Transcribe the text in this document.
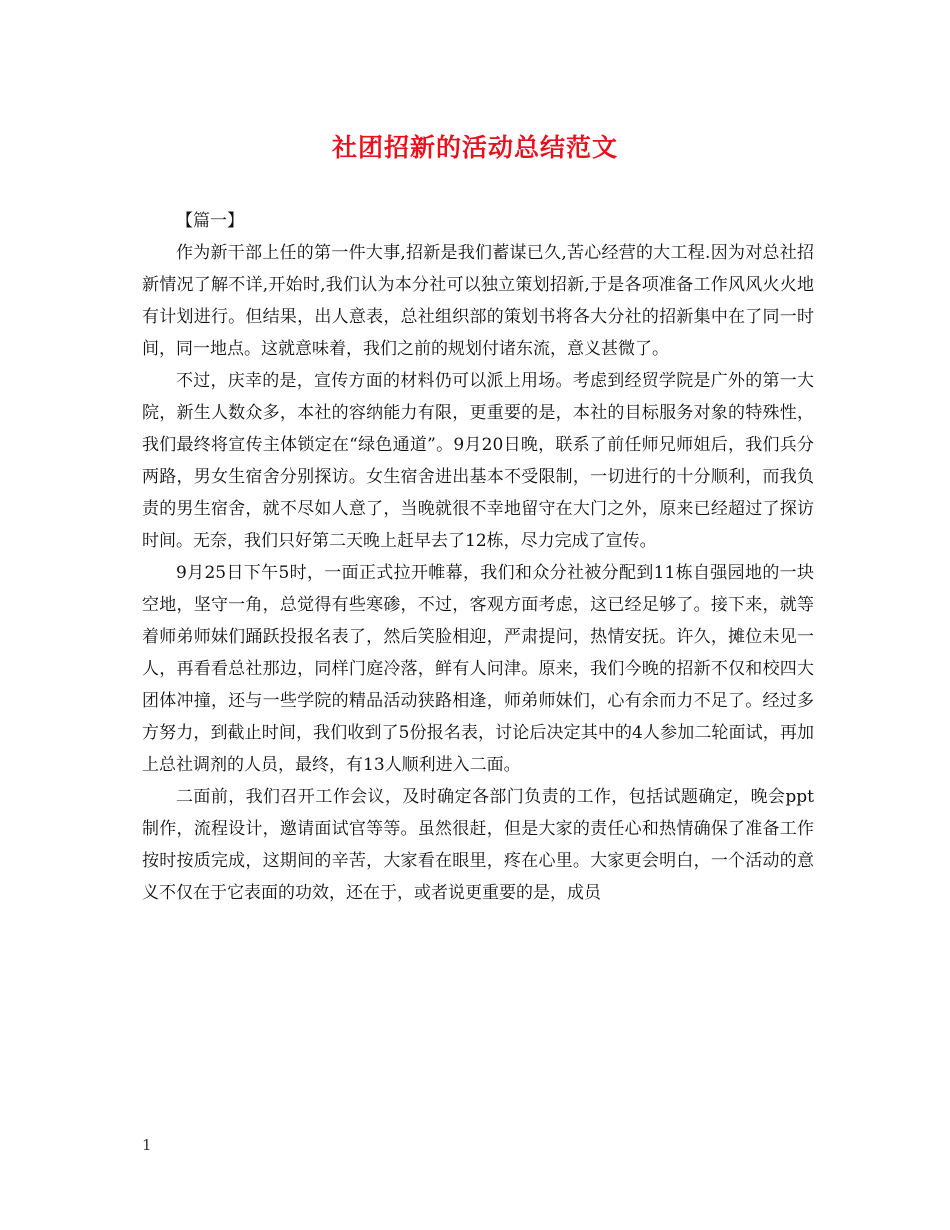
社团招新的活动总结范文

【篇一】

作为新干部上任的第一件大事,招新是我们蓄谋已久,苦心经营的大工程.因为对总社招新情况了解不详,开始时,我们认为本分社可以独立策划招新,于是各项准备工作风风火火地有计划进行。但结果，出人意表，总社组织部的策划书将各大分社的招新集中在了同一时间，同一地点。这就意味着，我们之前的规划付诸东流，意义甚微了。

不过，庆幸的是，宣传方面的材料仍可以派上用场。考虑到经贸学院是广外的第一大院，新生人数众多，本社的容纳能力有限，更重要的是，本社的目标服务对象的特殊性，我们最终将宣传主体锁定在“绿色通道”。9月20日晚，联系了前任师兄师姐后，我们兵分两路，男女生宿舍分别探访。女生宿舍进出基本不受限制，一切进行的十分顺利，而我负责的男生宿舍，就不尽如人意了，当晚就很不幸地留守在大门之外，原来已经超过了探访时间。无奈，我们只好第二天晚上赶早去了12栋，尽力完成了宣传。

9月25日下午5时，一面正式拉开帷幕，我们和众分社被分配到11栋自强园地的一块空地，坚守一角，总觉得有些寒碜，不过，客观方面考虑，这已经足够了。接下来，就等着师弟师妹们踊跃投报名表了，然后笑脸相迎，严肃提问，热情安抚。许久，摊位未见一人，再看看总社那边，同样门庭冷落，鲜有人问津。原来，我们今晚的招新不仅和校四大团体冲撞，还与一些学院的精品活动狭路相逢，师弟师妹们，心有余而力不足了。经过多方努力，到截止时间，我们收到了5份报名表，讨论后决定其中的4人参加二轮面试，再加上总社调剂的人员，最终，有13人顺利进入二面。

二面前，我们召开工作会议，及时确定各部门负责的工作，包括试题确定，晚会ppt制作，流程设计，邀请面试官等等。虽然很赶，但是大家的责任心和热情确保了准备工作按时按质完成，这期间的辛苦，大家看在眼里，疼在心里。大家更会明白，一个活动的意义不仅在于它表面的功效，还在于，或者说更重要的是，成员

1
